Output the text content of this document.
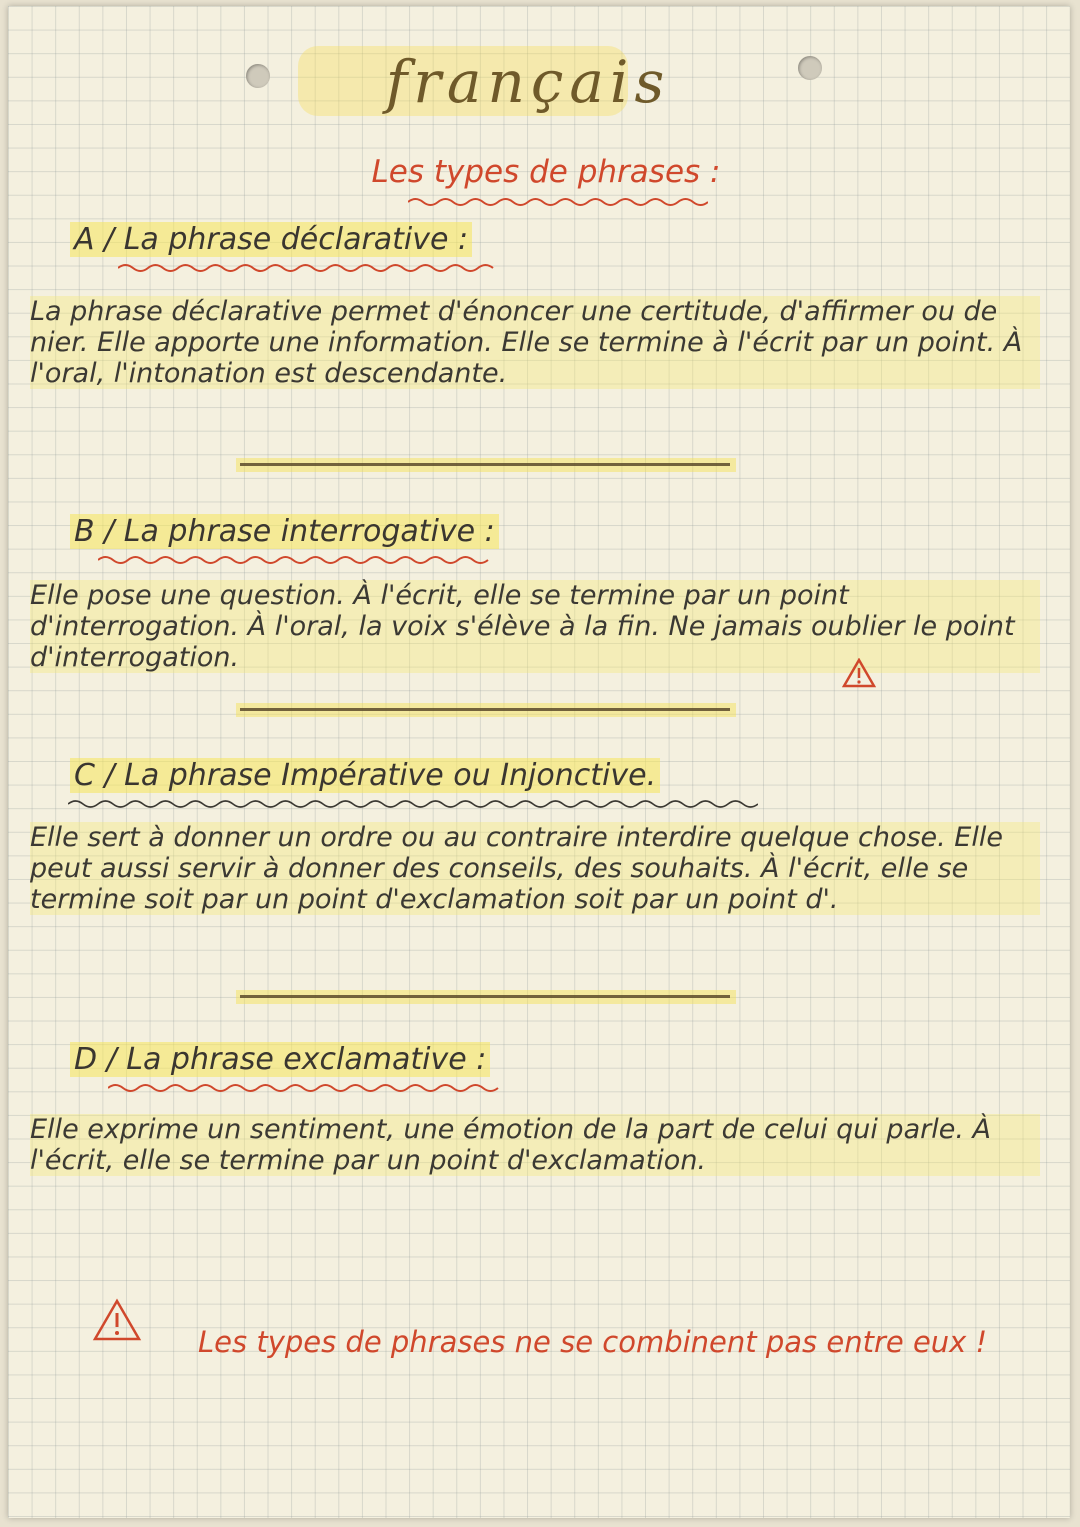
français
Les types de phrases :
A / La phrase déclarative :
La phrase déclarative permet d'énoncer une certitude, d'affirmer ou de nier. Elle apporte une information. Elle se termine à l'écrit par un point. À l'oral, l'intonation est descendante.
B / La phrase interrogative :
Elle pose une question. À l'écrit, elle se termine par un point d'interrogation. À l'oral, la voix s'élève à la fin. Ne jamais oublier le point d'interrogation.
C / La phrase Impérative ou Injonctive.
Elle sert à donner un ordre ou au contraire interdire quelque chose. Elle peut aussi servir à donner des conseils, des souhaits. À l'écrit, elle se termine soit par un point d'exclamation soit par un point d'.
D / La phrase exclamative :
Elle exprime un sentiment, une émotion de la part de celui qui parle. À l'écrit, elle se termine par un point d'exclamation.
Les types de phrases ne se combinent pas entre eux !
